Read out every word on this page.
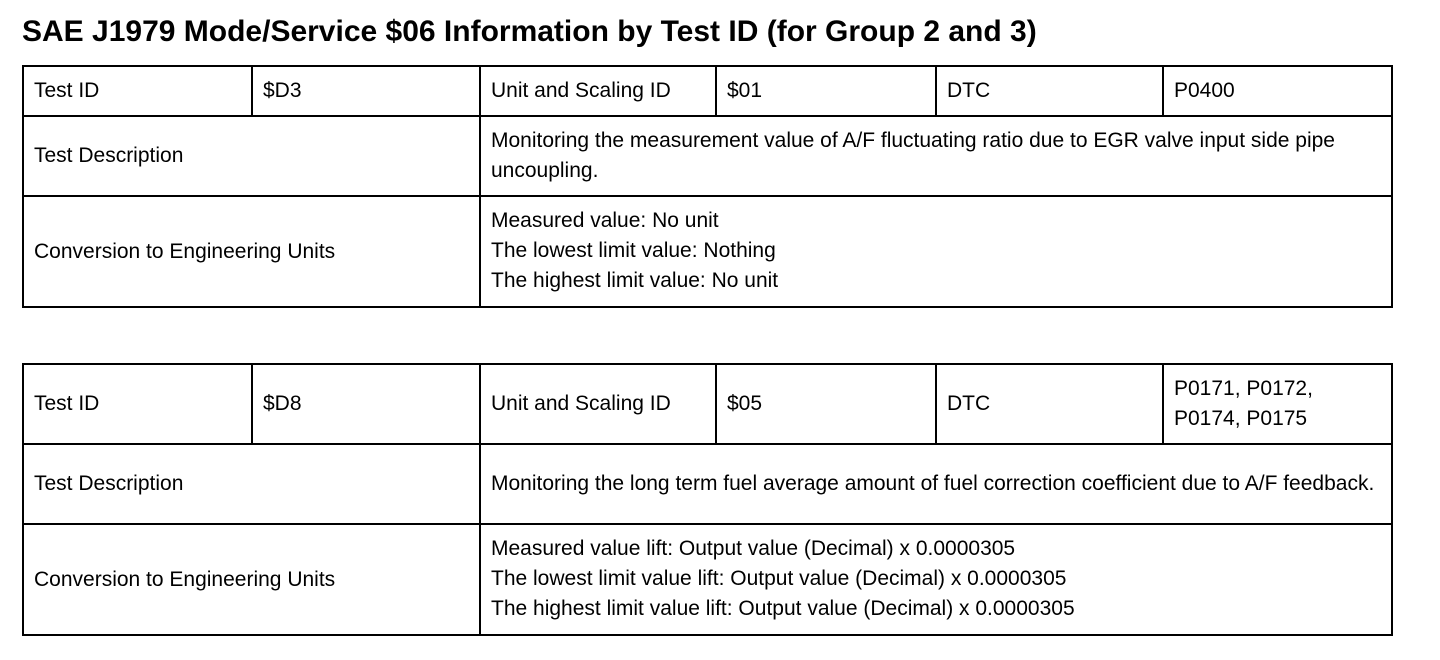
SAE J1979 Mode/Service $06 Information by Test ID (for Group 2 and 3)
Test ID	$D3	Unit and Scaling ID	$01	DTC	P0400

Test Description		Monitoring the measurement value of A/F fluctuating ratio due to EGR valve input side pipe uncoupling.			

Conversion to Engineering Units		Measured value: No unit
The lowest limit value: Nothing
The highest limit value: No unit			
Test ID	$D8	Unit and Scaling ID	$05	DTC	P0171, P0172,
P0174, P0175

Test Description		Monitoring the long term fuel average amount of fuel correction coefficient due to A/F feedback.			

Conversion to Engineering Units		Measured value lift: Output value (Decimal) x 0.0000305
The lowest limit value lift: Output value (Decimal) x 0.0000305
The highest limit value lift: Output value (Decimal) x 0.0000305			
